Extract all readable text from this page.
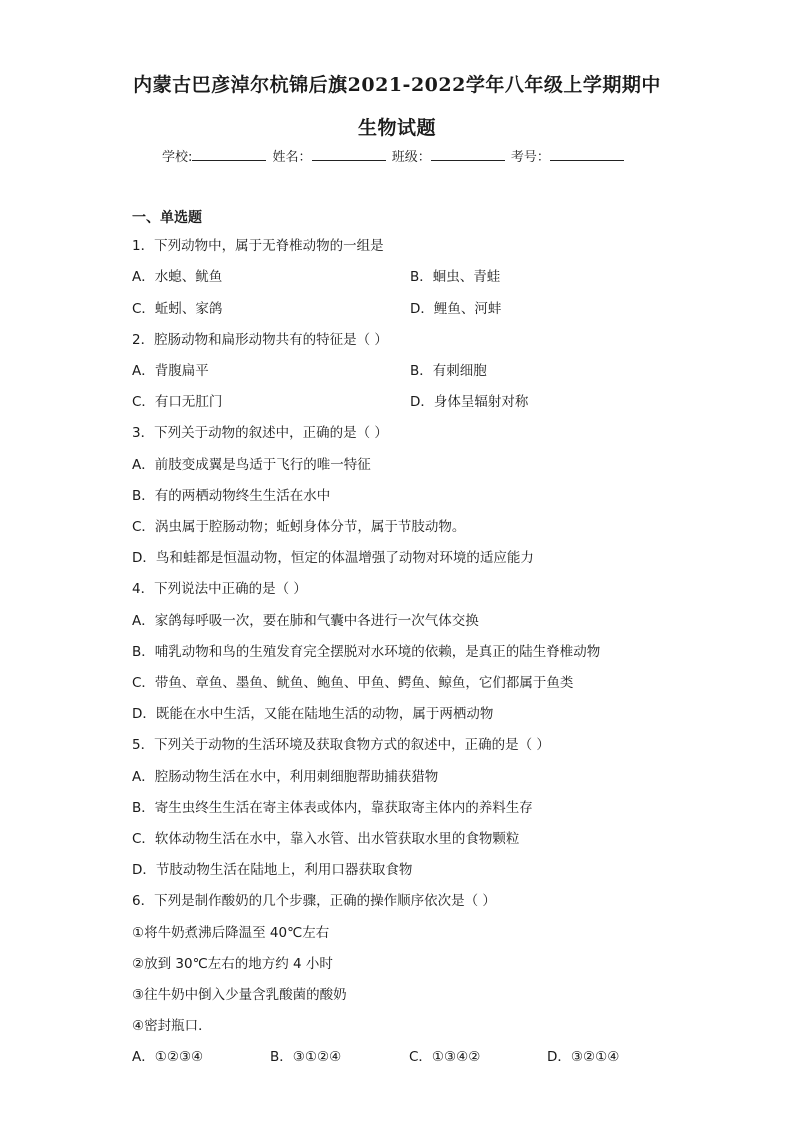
内蒙古巴彦淖尔杭锦后旗2021-2022学年八年级上学期期中
生物试题
学校:	姓名：	班级：	考号：
一、单选题
1．下列动物中，属于无脊椎动物的一组是
A．水螅、鱿鱼	B．蛔虫、青蛙
C．蚯蚓、家鸽	D．鲤鱼、河蚌
2．腔肠动物和扁形动物共有的特征是（ ）
A．背腹扁平	B．有刺细胞
C．有口无肛门	D．身体呈辐射对称
3．下列关于动物的叙述中，正确的是（ ）
A．前肢变成翼是鸟适于飞行的唯一特征
B．有的两栖动物终生生活在水中
C．涡虫属于腔肠动物；蚯蚓身体分节，属于节肢动物。
D．鸟和蛙都是恒温动物，恒定的体温增强了动物对环境的适应能力
4．下列说法中正确的是（ ）
A．家鸽每呼吸一次，要在肺和气囊中各进行一次气体交换
B．哺乳动物和鸟的生殖发育完全摆脱对水环境的依赖，是真正的陆生脊椎动物
C．带鱼、章鱼、墨鱼、鱿鱼、鲍鱼、甲鱼、鳄鱼、鲸鱼，它们都属于鱼类
D．既能在水中生活，又能在陆地生活的动物，属于两栖动物
5．下列关于动物的生活环境及获取食物方式的叙述中，正确的是（ ）
A．腔肠动物生活在水中，利用刺细胞帮助捕获猎物
B．寄生虫终生生活在寄主体表或体内，靠获取寄主体内的养料生存
C．软体动物生活在水中，靠入水管、出水管获取水里的食物颗粒
D．节肢动物生活在陆地上，利用口器获取食物
6．下列是制作酸奶的几个步骤，正确的操作顺序依次是（ ）
①将牛奶煮沸后降温至 40℃左右
②放到 30℃左右的地方约 4 小时
③往牛奶中倒入少量含乳酸菌的酸奶
④密封瓶口．
A．①②③④	B．③①②④	C．①③④②	D．③②①④
